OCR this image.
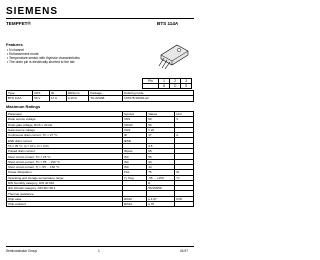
SIEMENS
TEMPFET®	BTS 114A
Features
• N channel
• Enhancement mode
• Temperature sensor with thyristor characteristics
• The drain pin is electrically shorted to the tab
Pin	1	2	3
	G	D	S
Type	VDS	ID	RDS(on)	Package	Ordering Code
BTS 114A	50 V	17 A	0.10 Ω	TO-220AB	C67078-S5004-A2
Maximum Ratings
Parameter	Symbol	Values	Unit
Drain source voltage	VDS	50	V
Drain-gate voltage, RGS = 20 kΩ	VDGR	50	
Gate-source voltage	VGS	± 20	
Continuous drain current, TC = 27 °C	ID	17	A
ESD drain current	IESD		
TA = 45 °C, tp = 10 s, D = 0.01		3.5	
Pulsed drain current	IDpuls	68	
Short circuit current, TC = 25 °C	ISC	56	
Short circuit current, TC = 85 ... 150 °C	ISC	44	
Short circuit current, Tj = -55 ... 150 °C	ISC	14	
Power dissipation	Ptot	75	W
Operating and storage temperature range	Tj, Tstg	-55 ... +150	°C
DIN humidity category, DIN 40 040		E	
IEC climatic category, DIN IEC 68-1		55/150/56	
Thermal resistance			
Chip case	RthJC	≤ 1.67	K/W
Chip-ambient	RthJA	≤ 75	
Semiconductor Group	1	04.97
